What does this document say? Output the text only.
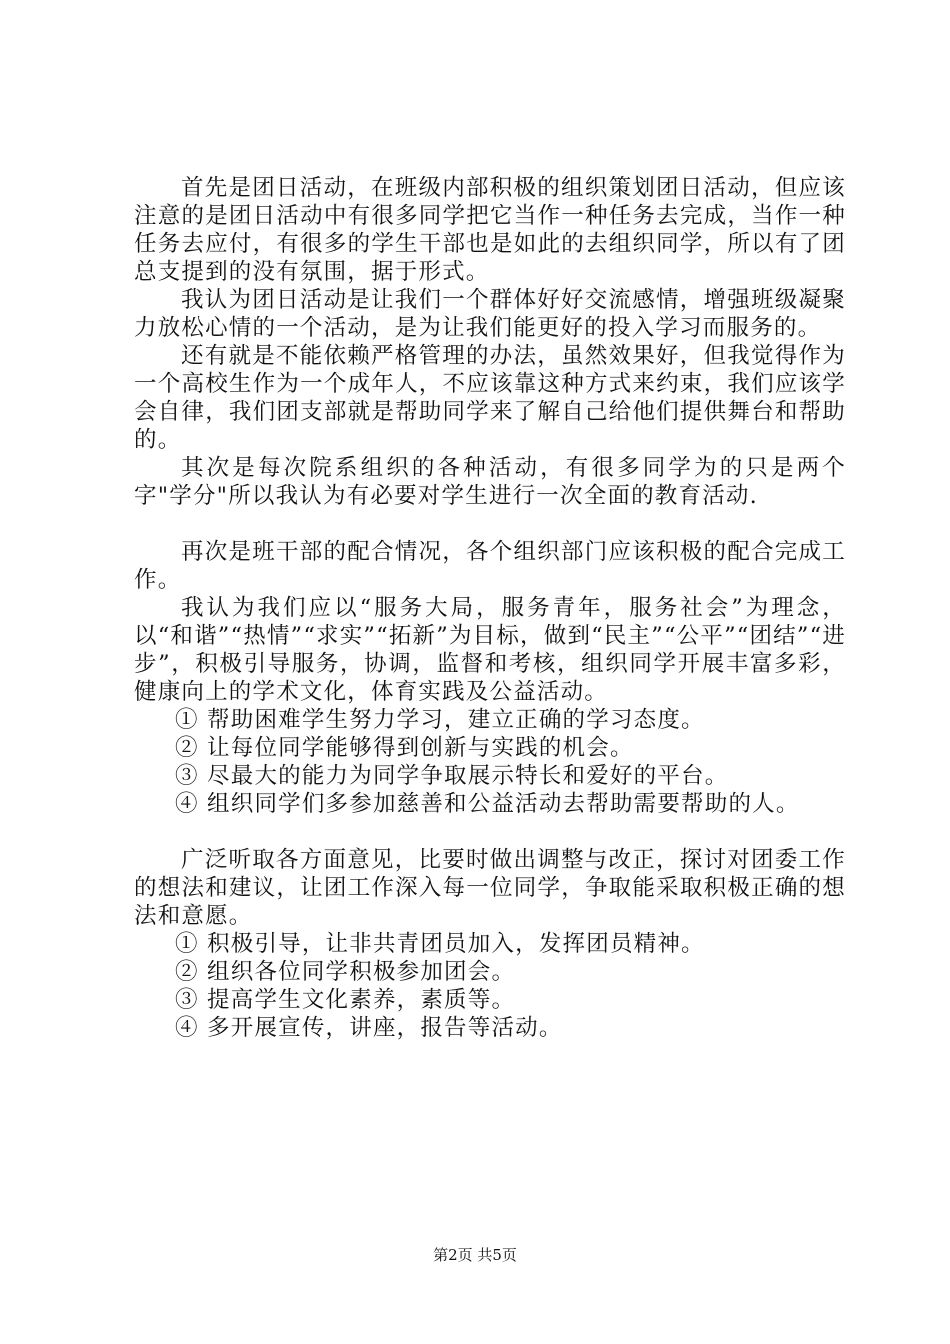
首先是团日活动，在班级内部积极的组织策划团日活动，但应该注意的是团日活动中有很多同学把它当作一种任务去完成，当作一种任务去应付，有很多的学生干部也是如此的去组织同学，所以有了团总支提到的没有氛围，据于形式。

我认为团日活动是让我们一个群体好好交流感情，增强班级凝聚力放松心情的一个活动，是为让我们能更好的投入学习而服务的。

还有就是不能依赖严格管理的办法，虽然效果好，但我觉得作为一个高校生作为一个成年人，不应该靠这种方式来约束，我们应该学会自律，我们团支部就是帮助同学来了解自己给他们提供舞台和帮助的。

其次是每次院系组织的各种活动，有很多同学为的只是两个字"学分"所以我认为有必要对学生进行一次全面的教育活动.

再次是班干部的配合情况，各个组织部门应该积极的配合完成工作。

我认为我们应以“服务大局，服务青年，服务社会”为理念，以“和谐”“热情”“求实”“拓新”为目标，做到“民主”“公平”“团结”“进步”，积极引导服务，协调，监督和考核，组织同学开展丰富多彩，健康向上的学术文化，体育实践及公益活动。

① 帮助困难学生努力学习，建立正确的学习态度。

② 让每位同学能够得到创新与实践的机会。

③ 尽最大的能力为同学争取展示特长和爱好的平台。

④ 组织同学们多参加慈善和公益活动去帮助需要帮助的人。

广泛听取各方面意见，比要时做出调整与改正，探讨对团委工作的想法和建议，让团工作深入每一位同学，争取能采取积极正确的想法和意愿。

① 积极引导，让非共青团员加入，发挥团员精神。

② 组织各位同学积极参加团会。

③ 提高学生文化素养，素质等。

④ 多开展宣传，讲座，报告等活动。

第2页 共5页
